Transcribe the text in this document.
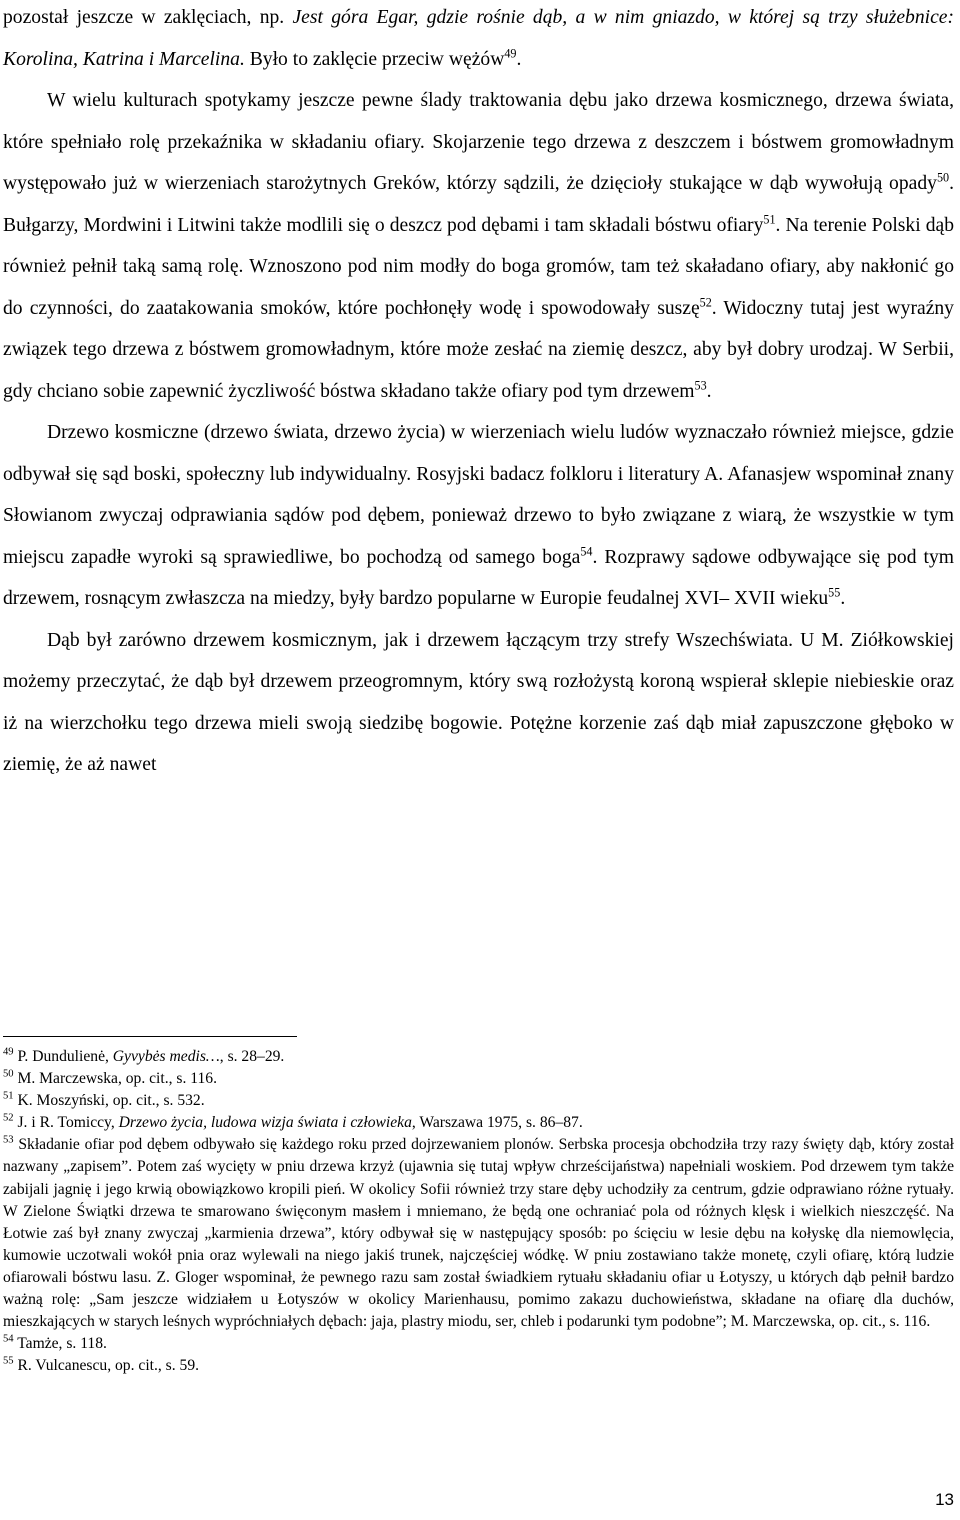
pozostał jeszcze w zaklęciach, np. Jest góra Egar, gdzie rośnie dąb, a w nim gniazdo, w której są trzy służebnice: Korolina, Katrina i Marcelina. Było to zaklęcie przeciw wężów$^{49}$.

W wielu kulturach spotykamy jeszcze pewne ślady traktowania dębu jako drzewa kosmicznego, drzewa świata, które spełniało rolę przekaźnika w składaniu ofiary. Skojarzenie tego drzewa z deszczem i bóstwem gromowładnym występowało już w wierzeniach starożytnych Greków, którzy sądzili, że dzięcioły stukające w dąb wywołują opady$^{50}$. Bułgarzy, Mordwini i Litwini także modlili się o deszcz pod dębami i tam składali bóstwu ofiary$^{51}$. Na terenie Polski dąb również pełnił taką samą rolę. Wznoszono pod nim modły do boga gromów, tam też skaładano ofiary, aby nakłonić go do czynności, do zaatakowania smoków, które pochłonęły wodę i spowodowały suszę$^{52}$. Widoczny tutaj jest wyraźny związek tego drzewa z bóstwem gromowładnym, które może zesłać na ziemię deszcz, aby był dobry urodzaj. W Serbii, gdy chciano sobie zapewnić życzliwość bóstwa składano także ofiary pod tym drzewem$^{53}$.

Drzewo kosmiczne (drzewo świata, drzewo życia) w wierzeniach wielu ludów wyznaczało również miejsce, gdzie odbywał się sąd boski, społeczny lub indywidualny. Rosyjski badacz folkloru i literatury A. Afanasjew wspominał znany Słowianom zwyczaj odprawiania sądów pod dębem, ponieważ drzewo to było związane z wiarą, że wszystkie w tym miejscu zapadłe wyroki są sprawiedliwe, bo pochodzą od samego boga$^{54}$. Rozprawy sądowe odbywające się pod tym drzewem, rosnącym zwłaszcza na miedzy, były bardzo popularne w Europie feudalnej XVI– XVII wieku$^{55}$.

Dąb był zarówno drzewem kosmicznym, jak i drzewem łączącym trzy strefy Wszechświata. U M. Ziółkowskiej możemy przeczytać, że dąb był drzewem przeogromnym, który swą rozłożystą koroną wspierał sklepie niebieskie oraz iż na wierzchołku tego drzewa mieli swoją siedzibę bogowie. Potężne korzenie zaś dąb miał zapuszczone głęboko w ziemię, że aż nawet

$^{49}$ P. Dundulienė, Gyvybės medis…, s. 28–29.

$^{50}$ M. Marczewska, op. cit., s. 116.

$^{51}$ K. Moszyński, op. cit., s. 532.

$^{52}$ J. i R. Tomiccy, Drzewo życia, ludowa wizja świata i człowieka, Warszawa 1975, s. 86–87.

$^{53}$ Składanie ofiar pod dębem odbywało się każdego roku przed dojrzewaniem plonów. Serbska procesja obchodziła trzy razy święty dąb, który został nazwany „zapisem”. Potem zaś wycięty w pniu drzewa krzyż (ujawnia się tutaj wpływ chrześcijaństwa) napełniali woskiem. Pod drzewem tym także zabijali jagnię i jego krwią obowiązkowo kropili pień. W okolicy Sofii również trzy stare dęby uchodziły za centrum, gdzie odprawiano różne rytuały. W Zielone Świątki drzewa te smarowano święconym masłem i mniemano, że będą one ochraniać pola od różnych klęsk i wielkich nieszczęść. Na Łotwie zaś był znany zwyczaj „karmienia drzewa”, który odbywał się w następujący sposób: po ścięciu w lesie dębu na kołyskę dla niemowlęcia, kumowie uczotwali wokół pnia oraz wylewali na niego jakiś trunek, najczęściej wódkę. W pniu zostawiano także monetę, czyli ofiarę, którą ludzie ofiarowali bóstwu lasu. Z. Gloger wspominał, że pewnego razu sam został świadkiem rytuału składaniu ofiar u Łotyszy, u których dąb pełnił bardzo ważną rolę: „Sam jeszcze widziałem u Łotyszów w okolicy Marienhausu, pomimo zakazu duchowieństwa, składane na ofiarę dla duchów, mieszkających w starych leśnych wypróchniałych dębach: jaja, plastry miodu, ser, chleb i podarunki tym podobne”; M. Marczewska, op. cit., s. 116.

$^{54}$ Tamże, s. 118.

$^{55}$ R. Vulcanescu, op. cit., s. 59.

13
